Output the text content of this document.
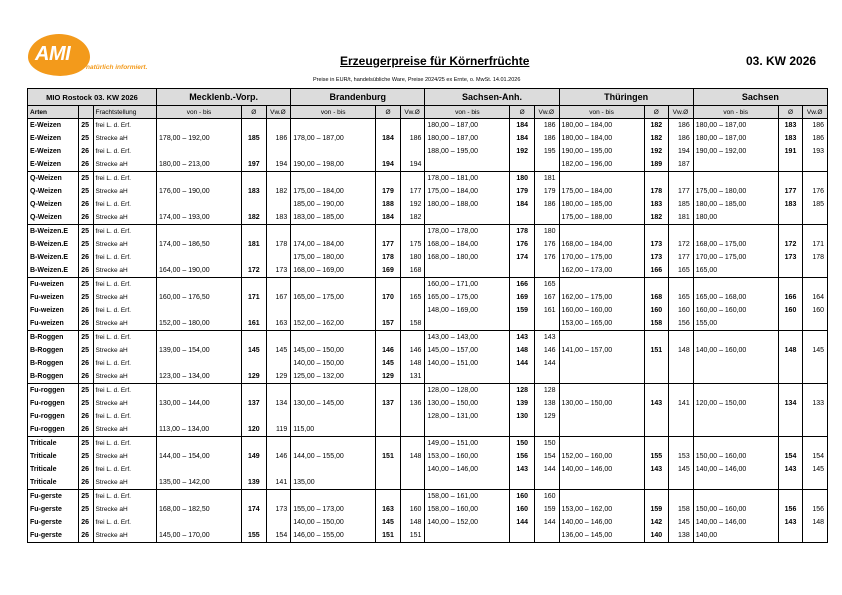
AMI
natürlich informiert.	Erzeugerpreise für Körnerfrüchte	03. KW 2026
Preise in EUR/t, handelsübliche Ware, Preise 2024/25 ex Ernte, o. MwSt. 14.01.2026
MIO Rostock 03. KW 2026			Mecklenb.-Vorp.			Brandenburg			Sachsen-Anh.			Thüringen			Sachsen		
Arten		Frachtstellung	von - bis	Ø	Vw.Ø	von - bis	Ø	Vw.Ø	von - bis	Ø	Vw.Ø	von - bis	Ø	Vw.Ø	von - bis	Ø	Vw.Ø
E-Weizen	25	frei L. d. Erf.							180,00 – 187,00	184	186	180,00 – 184,00	182	186	180,00 – 187,00	183	186
E-Weizen	25	Strecke aH	178,00 – 192,00	185	186	178,00 – 187,00	184	186	180,00 – 187,00	184	186	180,00 – 184,00	182	186	180,00 – 187,00	183	186
E-Weizen	26	frei L. d. Erf.							188,00 – 195,00	192	195	190,00 – 195,00	192	194	190,00 – 192,00	191	193
E-Weizen	26	Strecke aH	180,00 – 213,00	197	194	190,00 – 198,00	194	194				182,00 – 196,00	189	187			
Q-Weizen	25	frei L. d. Erf.							178,00 – 181,00	180	181						
Q-Weizen	25	Strecke aH	176,00 – 190,00	183	182	175,00 – 184,00	179	177	175,00 – 184,00	179	179	175,00 – 184,00	178	177	175,00 – 180,00	177	176
Q-Weizen	26	frei L. d. Erf.				185,00 – 190,00	188	192	180,00 – 188,00	184	186	180,00 – 185,00	183	185	180,00 – 185,00	183	185
Q-Weizen	26	Strecke aH	174,00 – 193,00	182	183	183,00 – 185,00	184	182				175,00 – 188,00	182	181	180,00		
B-Weizen.E	25	frei L. d. Erf.							178,00 – 178,00	178	180						
B-Weizen.E	25	Strecke aH	174,00 – 186,50	181	178	174,00 – 184,00	177	175	168,00 – 184,00	176	176	168,00 – 184,00	173	172	168,00 – 175,00	172	171
B-Weizen.E	26	frei L. d. Erf.				175,00 – 180,00	178	180	168,00 – 180,00	174	176	170,00 – 175,00	173	177	170,00 – 175,00	173	178
B-Weizen.E	26	Strecke aH	164,00 – 190,00	172	173	168,00 – 169,00	169	168				162,00 – 173,00	166	165	165,00		
Fu-weizen	25	frei L. d. Erf.							160,00 – 171,00	166	165						
Fu-weizen	25	Strecke aH	160,00 – 176,50	171	167	165,00 – 175,00	170	165	165,00 – 175,00	169	167	162,00 – 175,00	168	165	165,00 – 168,00	166	164
Fu-weizen	26	frei L. d. Erf.							148,00 – 169,00	159	161	160,00 – 160,00	160	160	160,00 – 160,00	160	160
Fu-weizen	26	Strecke aH	152,00 – 180,00	161	163	152,00 – 162,00	157	158				153,00 – 165,00	158	156	155,00		
B-Roggen	25	frei L. d. Erf.							143,00 – 143,00	143	143						
B-Roggen	25	Strecke aH	139,00 – 154,00	145	145	145,00 – 150,00	146	146	145,00 – 157,00	148	146	141,00 – 157,00	151	148	140,00 – 160,00	148	145
B-Roggen	26	frei L. d. Erf.				140,00 – 150,00	145	148	140,00 – 151,00	144	144						
B-Roggen	26	Strecke aH	123,00 – 134,00	129	129	125,00 – 132,00	129	131									
Fu-roggen	25	frei L. d. Erf.							128,00 – 128,00	128	128						
Fu-roggen	25	Strecke aH	130,00 – 144,00	137	134	130,00 – 145,00	137	136	130,00 – 150,00	139	138	130,00 – 150,00	143	141	120,00 – 150,00	134	133
Fu-roggen	26	frei L. d. Erf.							128,00 – 131,00	130	129						
Fu-roggen	26	Strecke aH	113,00 – 134,00	120	119	115,00											
Triticale	25	frei L. d. Erf.							149,00 – 151,00	150	150						
Triticale	25	Strecke aH	144,00 – 154,00	149	146	144,00 – 155,00	151	148	153,00 – 160,00	156	154	152,00 – 160,00	155	153	150,00 – 160,00	154	154
Triticale	26	frei L. d. Erf.							140,00 – 146,00	143	144	140,00 – 146,00	143	145	140,00 – 146,00	143	145
Triticale	26	Strecke aH	135,00 – 142,00	139	141	135,00											
Fu-gerste	25	frei L. d. Erf.							158,00 – 161,00	160	160						
Fu-gerste	25	Strecke aH	168,00 – 182,50	174	173	155,00 – 173,00	163	160	158,00 – 160,00	160	159	153,00 – 162,00	159	158	150,00 – 160,00	156	156
Fu-gerste	26	frei L. d. Erf.				140,00 – 150,00	145	148	140,00 – 152,00	144	144	140,00 – 146,00	142	145	140,00 – 146,00	143	148
Fu-gerste	26	Strecke aH	145,00 – 170,00	155	154	146,00 – 155,00	151	151				136,00 – 145,00	140	138	140,00		
